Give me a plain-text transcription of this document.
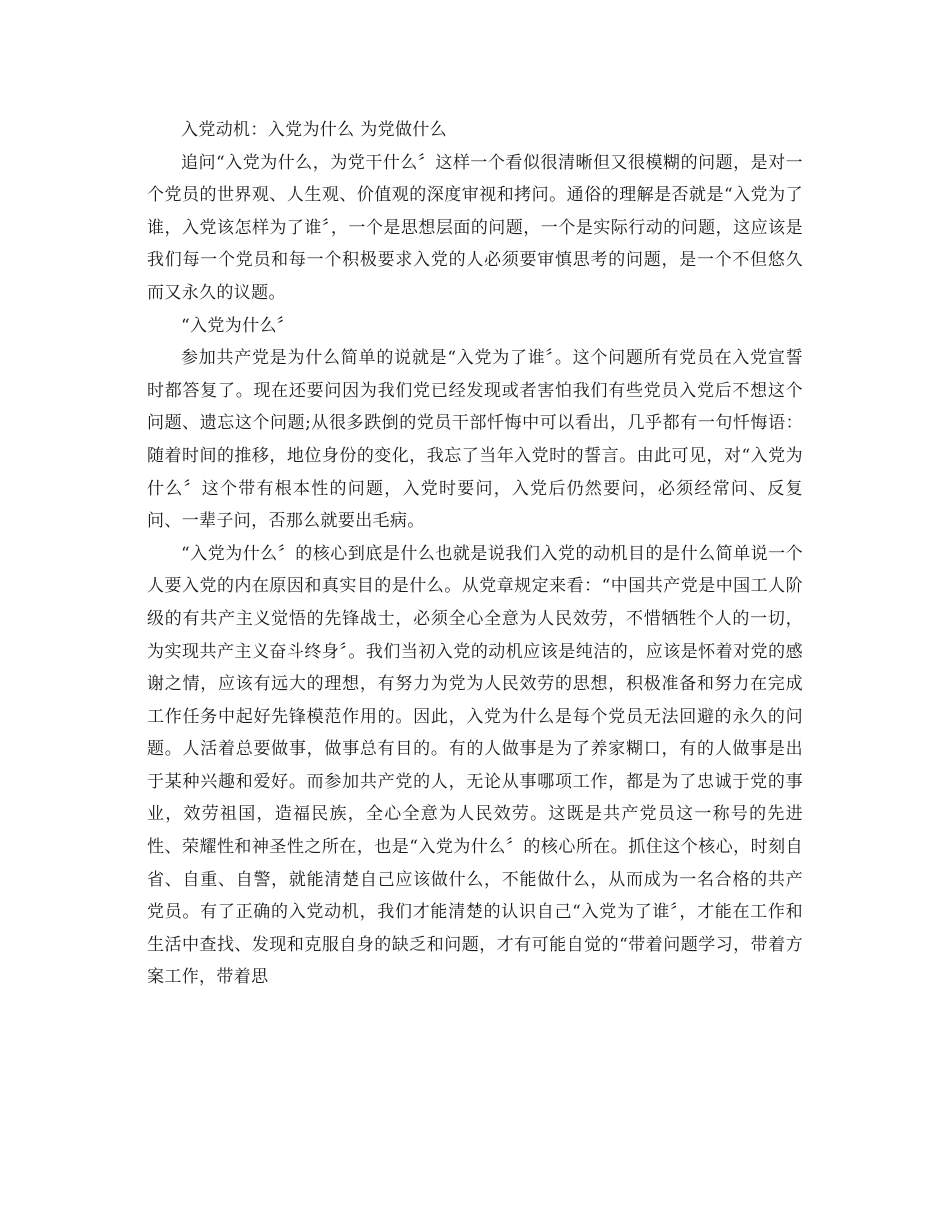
入党动机：入党为什么 为党做什么

追问“入党为什么，为党干什么〞这样一个看似很清晰但又很模糊的问题，是对一个党员的世界观、人生观、价值观的深度审视和拷问。通俗的理解是否就是“入党为了谁，入党该怎样为了谁〞，一个是思想层面的问题，一个是实际行动的问题，这应该是我们每一个党员和每一个积极要求入党的人必须要审慎思考的问题，是一个不但悠久而又永久的议题。

“入党为什么〞

参加共产党是为什么简单的说就是“入党为了谁〞。这个问题所有党员在入党宣誓时都答复了。现在还要问因为我们党已经发现或者害怕我们有些党员入党后不想这个问题、遗忘这个问题;从很多跌倒的党员干部忏悔中可以看出，几乎都有一句忏悔语：随着时间的推移，地位身份的变化，我忘了当年入党时的誓言。由此可见，对“入党为什么〞这个带有根本性的问题，入党时要问，入党后仍然要问，必须经常问、反复问、一辈子问，否那么就要出毛病。

“入党为什么〞的核心到底是什么也就是说我们入党的动机目的是什么简单说一个人要入党的内在原因和真实目的是什么。从党章规定来看：“中国共产党是中国工人阶级的有共产主义觉悟的先锋战士，必须全心全意为人民效劳，不惜牺牲个人的一切，为实现共产主义奋斗终身〞。我们当初入党的动机应该是纯洁的，应该是怀着对党的感谢之情，应该有远大的理想，有努力为党为人民效劳的思想，积极准备和努力在完成工作任务中起好先锋模范作用的。因此，入党为什么是每个党员无法回避的永久的问题。人活着总要做事，做事总有目的。有的人做事是为了养家糊口，有的人做事是出于某种兴趣和爱好。而参加共产党的人，无论从事哪项工作，都是为了忠诚于党的事业，效劳祖国，造福民族，全心全意为人民效劳。这既是共产党员这一称号的先进性、荣耀性和神圣性之所在，也是“入党为什么〞的核心所在。抓住这个核心，时刻自省、自重、自警，就能清楚自己应该做什么，不能做什么，从而成为一名合格的共产党员。有了正确的入党动机，我们才能清楚的认识自己“入党为了谁〞，才能在工作和生活中查找、发现和克服自身的缺乏和问题，才有可能自觉的“带着问题学习，带着方案工作，带着思
